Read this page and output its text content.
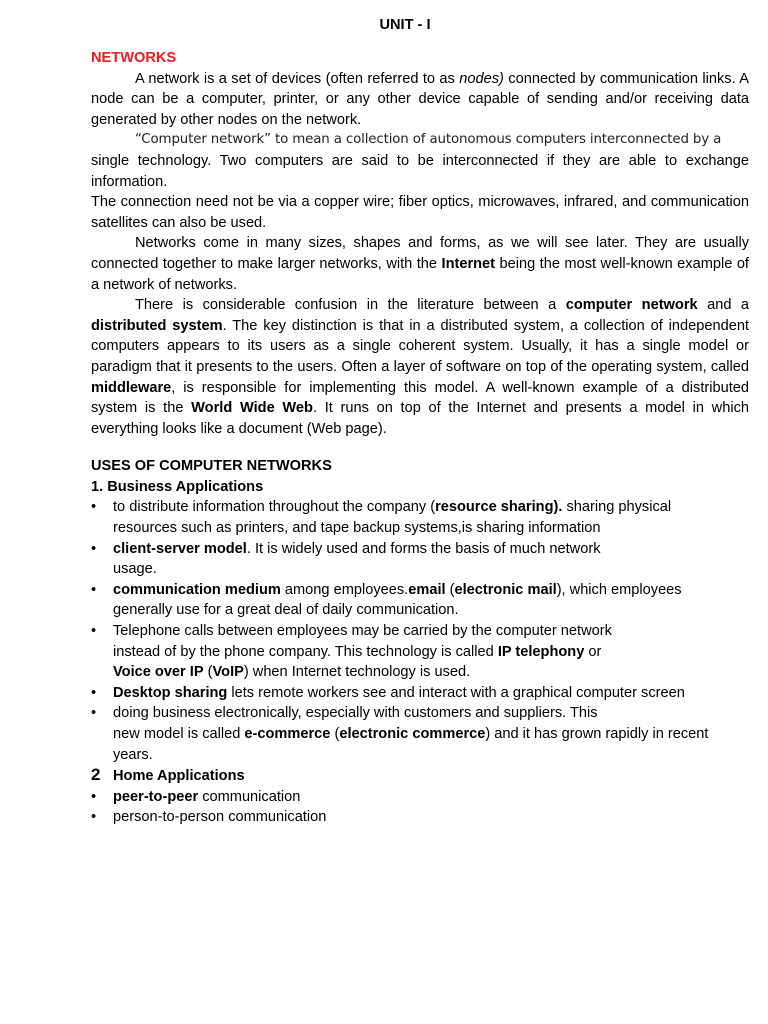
UNIT - I
NETWORKS

A network is a set of devices (often referred to as nodes) connected by communication links. A node can be a computer, printer, or any other device capable of sending and/or receiving data generated by other nodes on the network.

“Computer network” to mean a collection of autonomous computers interconnected by a

single technology. Two computers are said to be interconnected if they are able to exchange information.

The connection need not be via a copper wire; fiber optics, microwaves, infrared, and communication satellites can also be used.

Networks come in many sizes, shapes and forms, as we will see later. They are usually connected together to make larger networks, with the Internet being the most well-known example of a network of networks.

There is considerable confusion in the literature between a computer network and a distributed system. The key distinction is that in a distributed system, a collection of independent computers appears to its users as a single coherent system. Usually, it has a single model or paradigm that it presents to the users. Often a layer of software on top of the operating system, called middleware, is responsible for implementing this model. A well-known example of a distributed system is the World Wide Web. It runs on top of the Internet and presents a model in which everything looks like a document (Web page).

USES OF COMPUTER NETWORKS
1. Business Applications
• to distribute information throughout the company (resource sharing). sharing physical
resources such as printers, and tape backup systems,is sharing information
• client-server model. It is widely used and forms the basis of much network
usage.
• communication medium among employees.email (electronic mail), which employees
generally use for a great deal of daily communication.
• Telephone calls between employees may be carried by the computer network
instead of by the phone company. This technology is called IP telephony or
Voice over IP (VoIP) when Internet technology is used.
• Desktop sharing lets remote workers see and interact with a graphical computer screen
• doing business electronically, especially with customers and suppliers. This
new model is called e-commerce (electronic commerce) and it has grown rapidly in recent
years.
2 Home Applications
• peer-to-peer communication
• person-to-person communication
